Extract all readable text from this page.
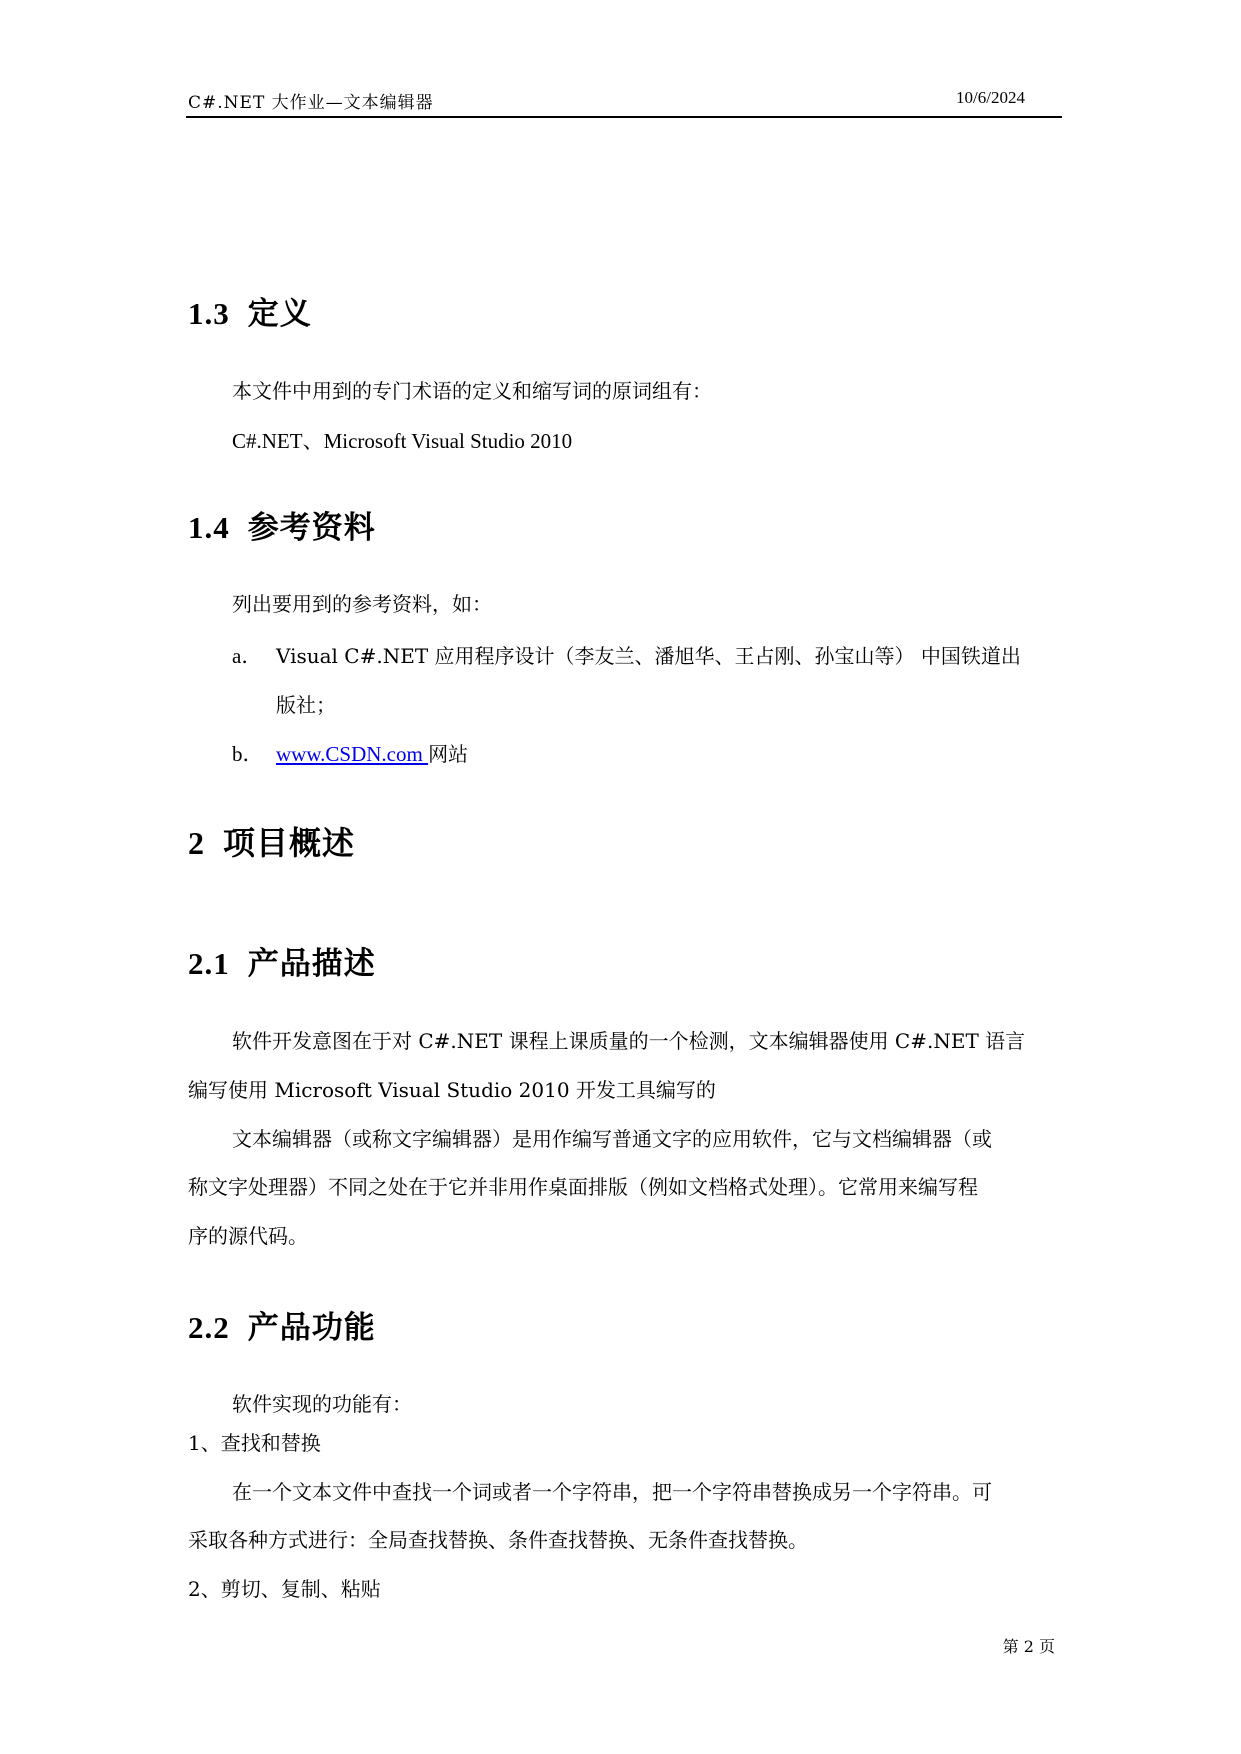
C#.NET 大作业—文本编辑器	10/6/2024
1.3 定义
本文件中用到的专门术语的定义和缩写词的原词组有：
C#.NET、Microsoft Visual Studio 2010
1.4 参考资料
列出要用到的参考资料，如：
a． Visual C#.NET 应用程序设计（李友兰、潘旭华、王占刚、孙宝山等） 中国铁道出
版社；
b． www.CSDN.com 网站
2 项目概述
2.1 产品描述
软件开发意图在于对 C#.NET 课程上课质量的一个检测，文本编辑器使用 C#.NET 语言
编写使用 Microsoft Visual Studio 2010 开发工具编写的
文本编辑器（或称文字编辑器）是用作编写普通文字的应用软件，它与文档编辑器（或
称文字处理器）不同之处在于它并非用作桌面排版（例如文档格式处理）。它常用来编写程
序的源代码。
2.2 产品功能
软件实现的功能有：
1、查找和替换
在一个文本文件中查找一个词或者一个字符串，把一个字符串替换成另一个字符串。可
采取各种方式进行：全局查找替换、条件查找替换、无条件查找替换。
2、剪切、复制、粘贴
第 2 页
